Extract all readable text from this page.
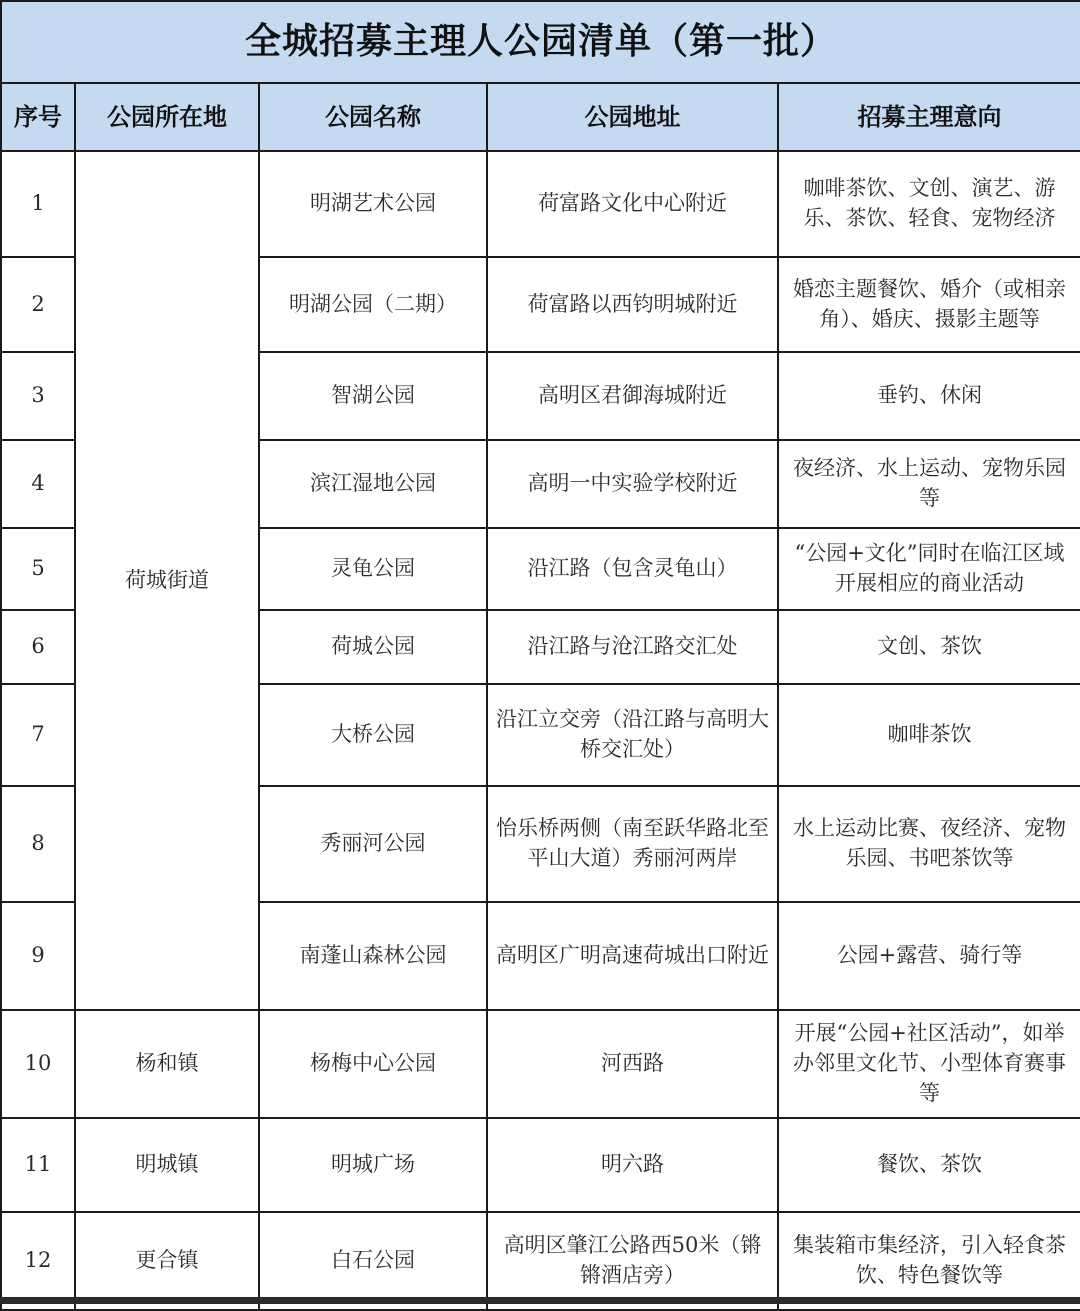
全城招募主理人公园清单（第一批）				
序号	公园所在地	公园名称	公园地址	招募主理意向
1	荷城街道	明湖艺术公园	荷富路文化中心附近	咖啡茶饮、文创、演艺、游乐、茶饮、轻食、宠物经济
2		明湖公园（二期）	荷富路以西钧明城附近	婚恋主题餐饮、婚介（或相亲角）、婚庆、摄影主题等
3		智湖公园	高明区君御海城附近	垂钓、休闲
4		滨江湿地公园	高明一中实验学校附近	夜经济、水上运动、宠物乐园等
5		灵龟公园	沿江路（包含灵龟山）	“公园+文化”同时在临江区域开展相应的商业活动
6		荷城公园	沿江路与沧江路交汇处	文创、茶饮
7		大桥公园	沿江立交旁（沿江路与高明大桥交汇处）	咖啡茶饮
8		秀丽河公园	怡乐桥两侧（南至跃华路北至平山大道）秀丽河两岸	水上运动比赛、夜经济、宠物乐园、书吧茶饮等
9		南蓬山森林公园	高明区广明高速荷城出口附近	公园+露营、骑行等
10	杨和镇	杨梅中心公园	河西路	开展“公园+社区活动”，如举办邻里文化节、小型体育赛事等
11	明城镇	明城广场	明六路	餐饮、茶饮
12	更合镇	白石公园	高明区肇江公路西50米（锵锵酒店旁）	集装箱市集经济，引入轻食茶饮、特色餐饮等
